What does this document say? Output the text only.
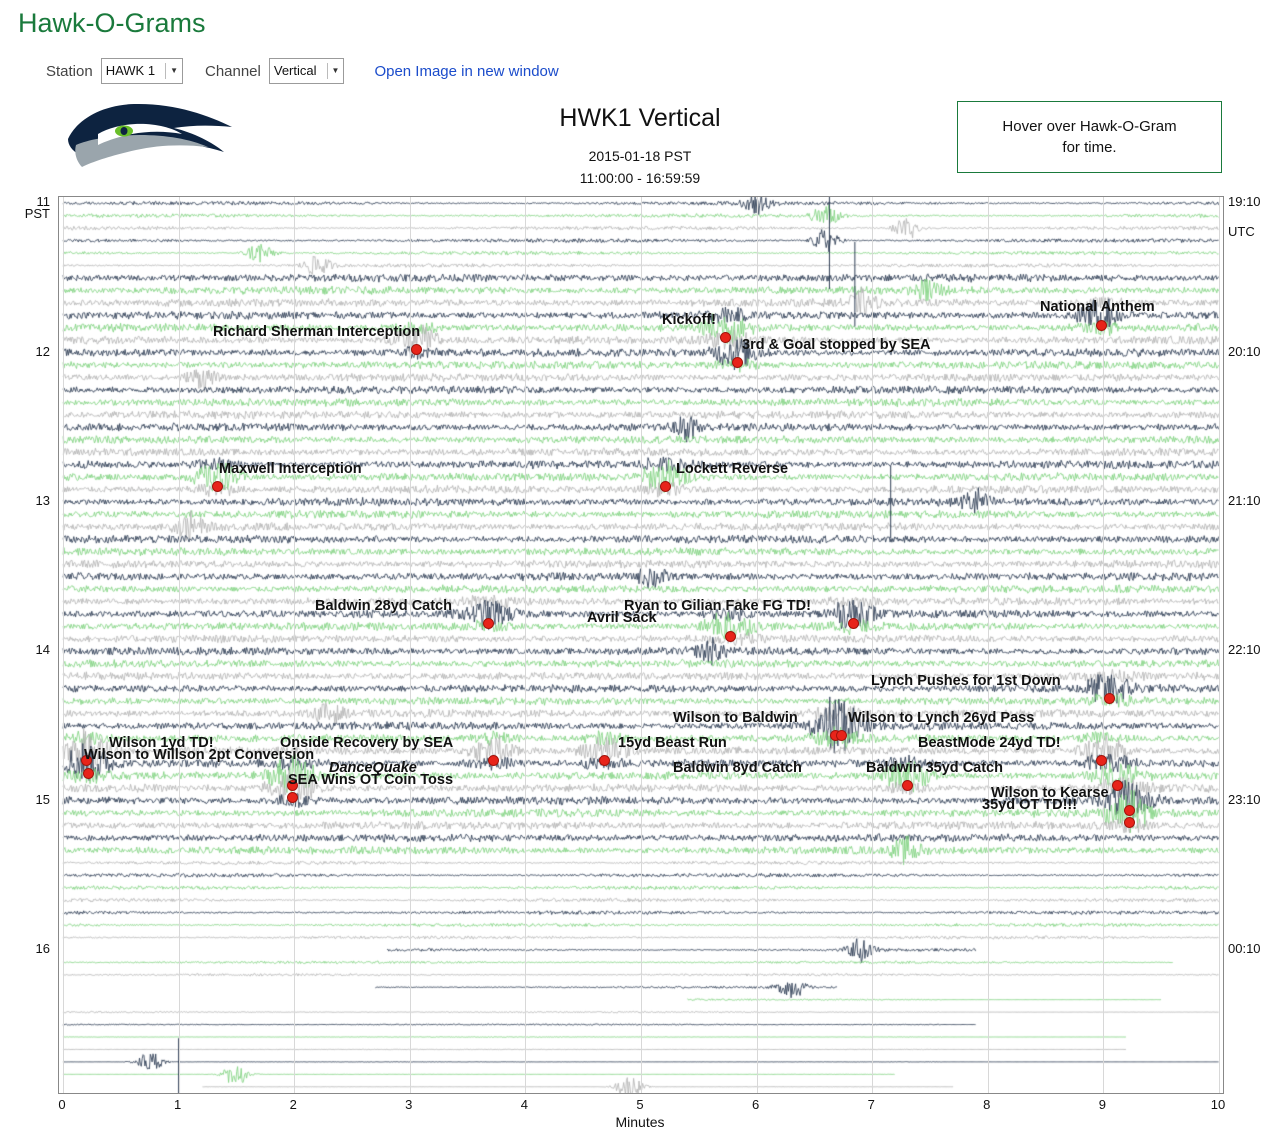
Hawk-O-Grams
Station HAWK 1	▼ Channel Vertical	▼ Open Image in new window
HWK1 Vertical
2015-01-18 PST
11:00:00 - 16:59:59
Hover over Hawk-O-Gram
for time.
National Anthem
Kickoff!
Richard Sherman Interception
3rd & Goal stopped by SEA
Maxwell Interception	Lockett Reverse
Baldwin 28yd Catch	Ryan to Gilian Fake FG TD!
Avril Sack
Lynch Pushes for 1st Down
Wilson to Baldwin	Wilson to Lynch 26yd Pass
Wilson 1yd TD!	Onside Recovery by SEA	15yd Beast Run	BeastMode 24yd TD!
Wilson to Willson 2pt Conversion
DanceQuake	Baldwin 8yd Catch	Baldwin 35yd Catch
SEA Wins OT Coin Toss
Wilson to Kearse
35yd OT TD!!!
11
12
13
14
15
16
PST
19:10
20:10
21:10
22:10
23:10
00:10
UTC
0	1	2	3	4	5	6	7	8	9	10
Minutes
